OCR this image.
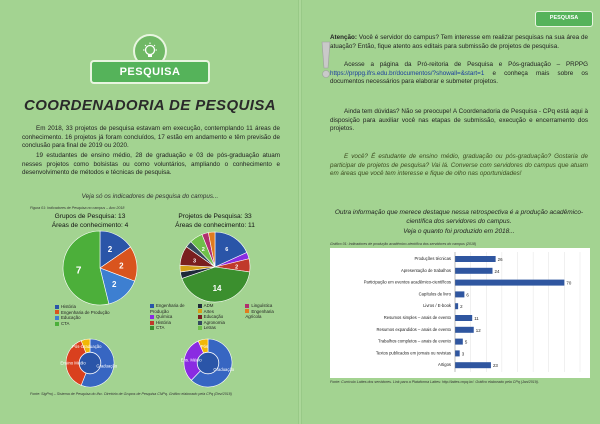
PESQUISA
COORDENADORIA DE PESQUISA
Em 2018, 33 projetos de pesquisa estavam em execução, contemplando 11 áreas de conhecimento. 16 projetos já foram concluídos, 17 estão em andamento e têm previsão de conclusão para final de 2019 ou 2020.
19 estudantes de ensino médio, 28 de graduação e 03 de pós-graduação atuam nesses projetos como bolsistas ou como voluntários, ampliando o conhecimento e desenvolvimento de métodos e técnicas de pesquisa.
Veja só os indicadores de pesquisa do campus...
Figura 01: Indicadores de Pesquisa no campus – Ano 2018
Grupos de Pesquisa: 13
Áreas de conhecimento: 4
2
2
2
7
História
Engenharia de Produção
Educação
CTA
Projetos de Pesquisa: 33
Áreas de conhecimento: 11
6
2
14
3
2
Engenharia de Produção
Química
História
CTA
ADM
Artes
Educação
Agronomia
Letras
Linguística
Engenharia Agrícola
Graduação
Ensino Médio
Pós-Graduação
Graduação
Ens. Médio
Pós
Fonte: SigProj – Sistema de Pesquisa do Ifsc. Diretório de Grupos de Pesquisa CNPq. Gráfico elaborado pela CPq (Dez/2018)
PESQUISA
Atenção: Você é servidor do campus? Tem interesse em realizar pesquisas na sua área de atuação? Então, fique atento aos editais para submissão de projetos de pesquisa.
Acesse a página da Pró-reitoria de Pesquisa e Pós-graduação – PRPPG https://prppg.ifrs.edu.br/documentos/?showall=&start=1 e conheça mais sobre os documentos necessários para elaborar e submeter projetos.
Ainda tem dúvidas? Não se preocupe! A Coordenadoria de Pesquisa - CPq está aqui à disposição para auxiliar você nas etapas de submissão, execução e encerramento dos projetos.
E você? É estudante de ensino médio, graduação ou pós-graduação? Gostaria de participar de projetos de pesquisa? Vai lá. Converse com servidores do campus que atuam em áreas que você tem interesse e fique de olho nas oportunidades!
Outra informação que merece destaque nessa retrospectiva é a produção acadêmico-científica dos servidores do campus.
Veja o quanto foi produzido em 2018...
Gráfico 01: Indicadores de produção acadêmico-científica dos servidores do campus (2018)
Produções técnicas	26
Apresentação de trabalhos	24
Participação em eventos acadêmico-científicos	70
Capítulos de livro	6
Livros / E-book 2
Resumos simples – anais de evento	11
Resumos expandidos – anais de evento	12
Trabalhos completos – anais de evento	5
Textos publicados em jornais ou revistas 3
Artigos	23
Fonte: Currículo Lattes dos servidores. Link para a Plataforma Lattes: http://lattes.cnpq.br/. Gráfico elaborado pela CPq (Jan/2019).
